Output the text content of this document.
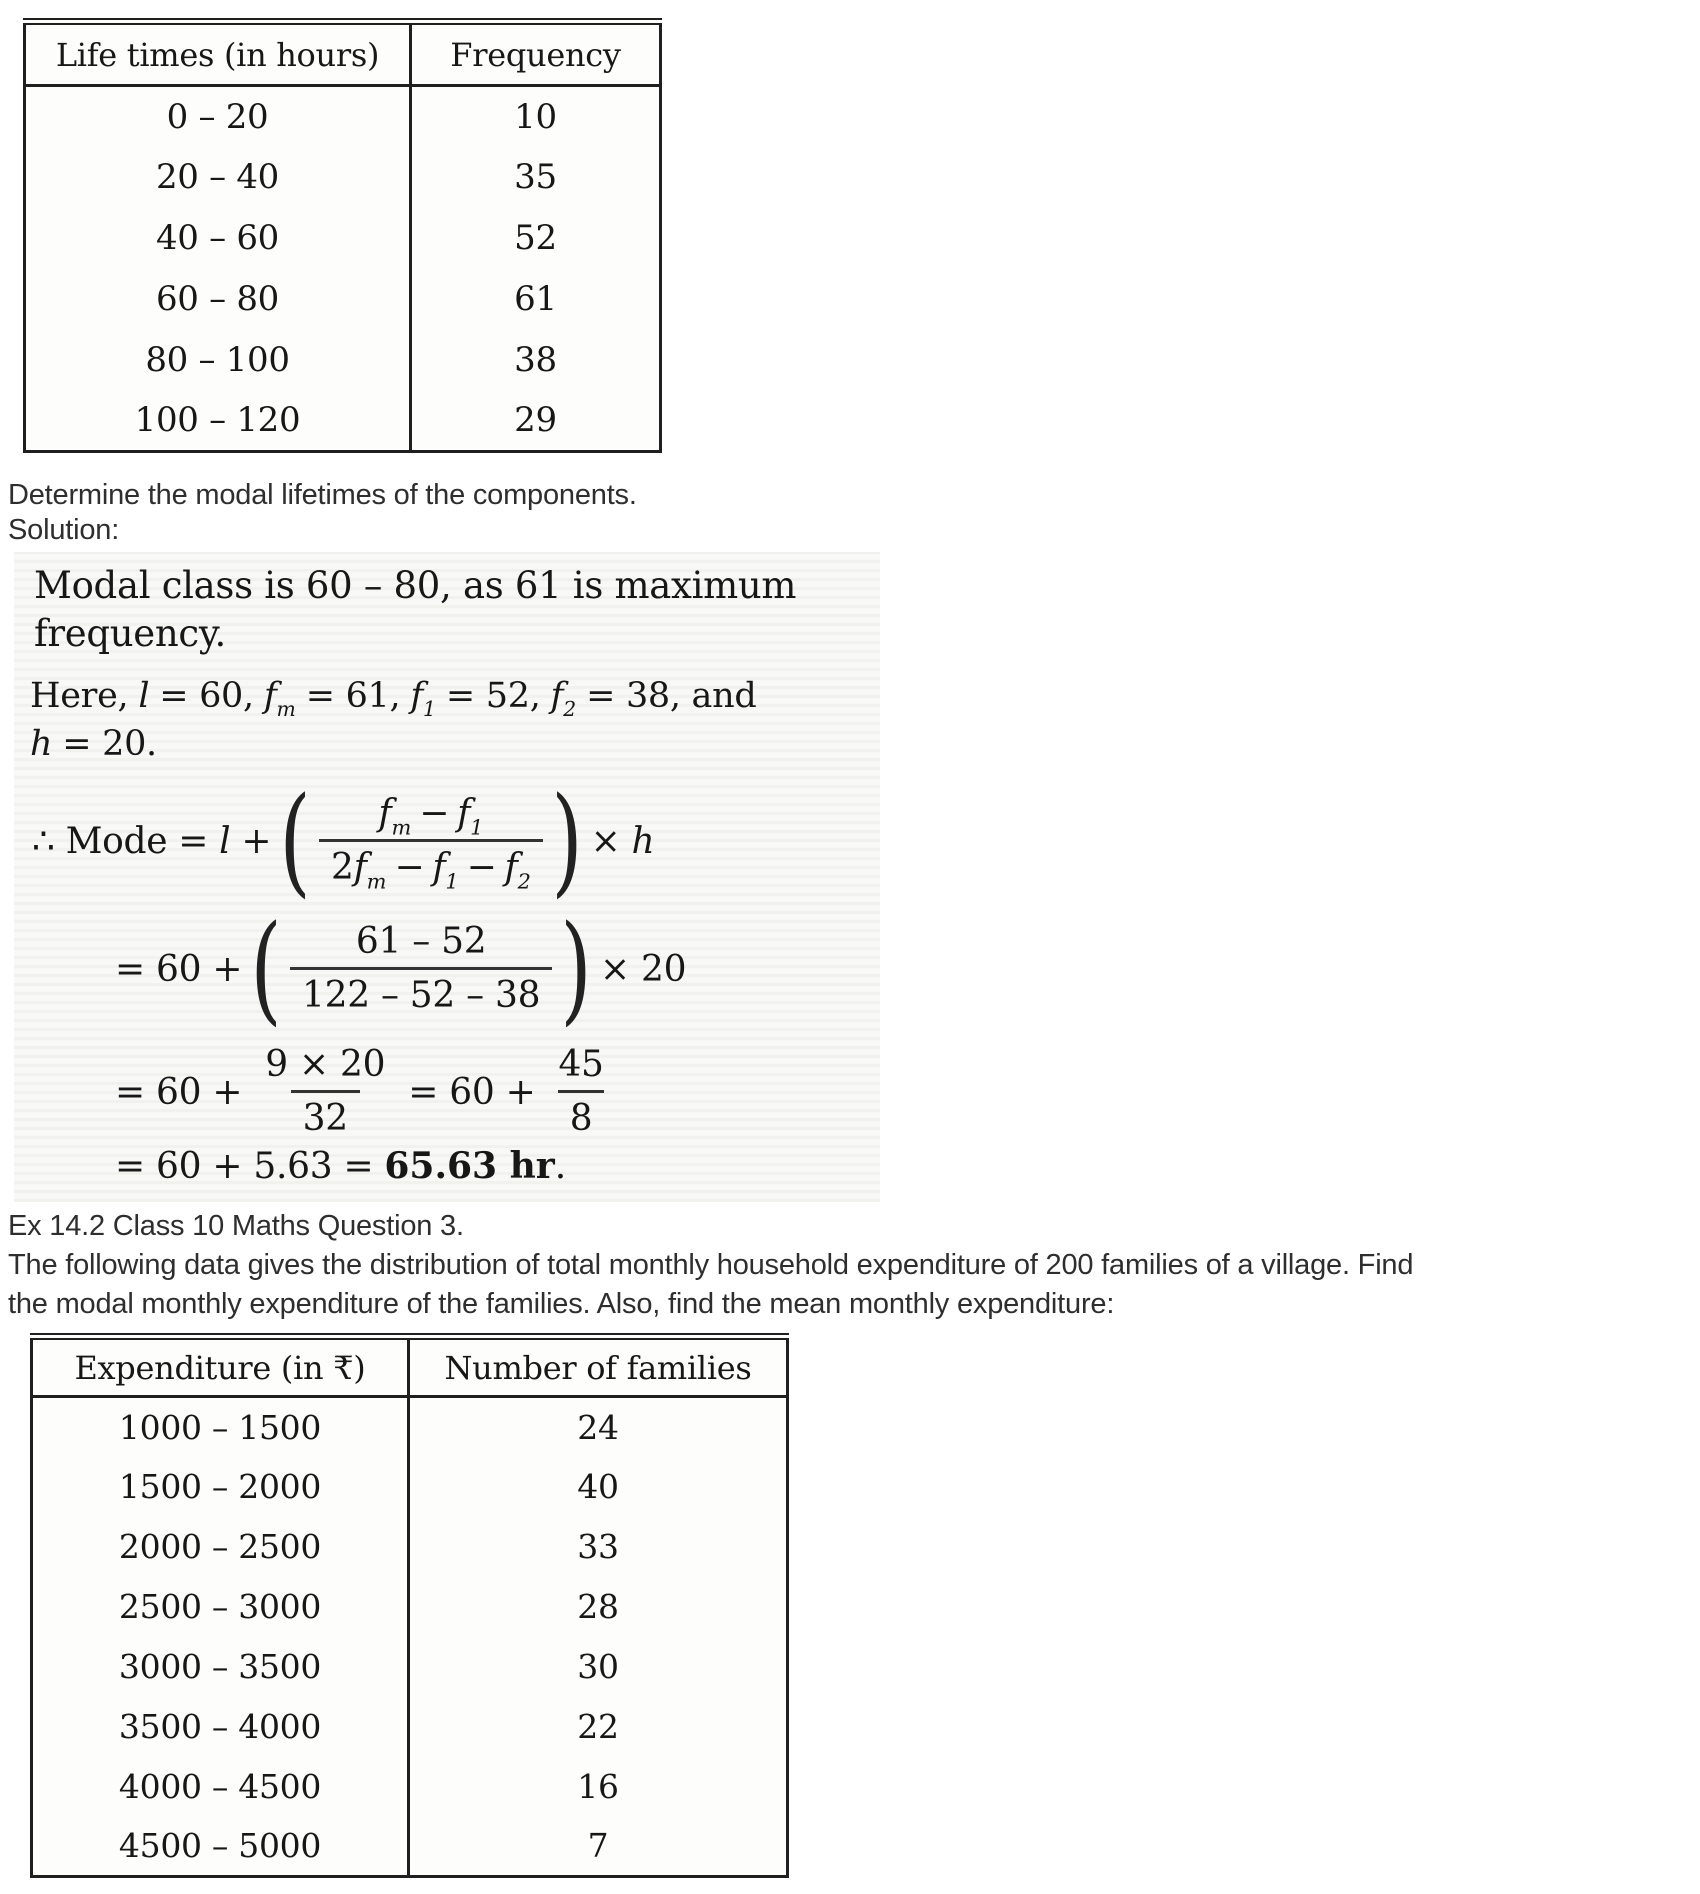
Life times (in hours)	Frequency
0 – 20	10
20 – 40	35
40 – 60	52
60 – 80	61
80 – 100	38
100 – 120	29
Determine the modal lifetimes of the components.
Solution:
Modal class is 60 – 80, as 61 is maximum
frequency.
Here, l = 60, $f_m = 61$, $f_1 = 52$, $f_2 = 38$, and
h = 20.
∴ Mode = l + ( $\frac{f_m - f_1}{2f_m - f_1 - f_2}$ ) × h
= 60 + ( $\frac{61 - 52}{122 - 52 - 38}$ ) × 20
= $60 + \frac{9 \times 20}{32} = 60 + \frac{45}{8}$
= 60 + 5.63 = 65.63 hr .
Ex 14.2 Class 10 Maths Question 3.
The following data gives the distribution of total monthly household expenditure of 200 families of a village. Find
the modal monthly expenditure of the families. Also, find the mean monthly expenditure:
Expenditure (in ₹)	Number of families
1000 – 1500	24
1500 – 2000	40
2000 – 2500	33
2500 – 3000	28
3000 – 3500	30
3500 – 4000	22
4000 – 4500	16
4500 – 5000	7
